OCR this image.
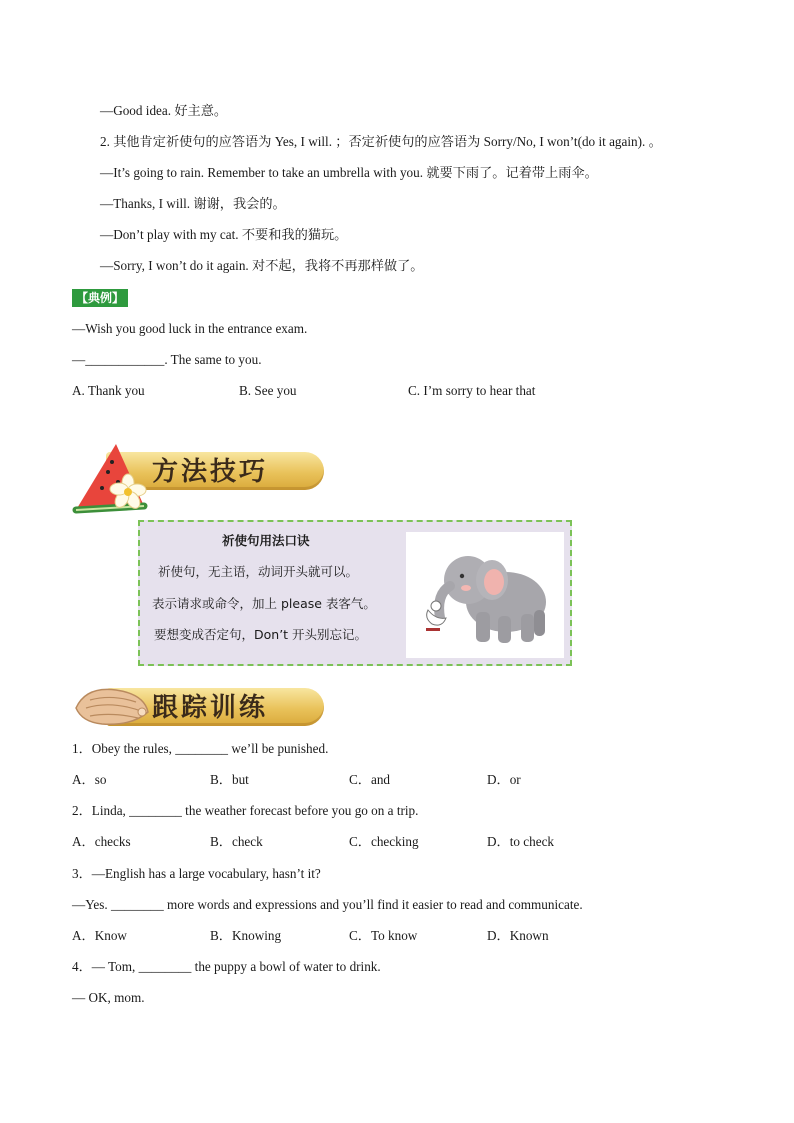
—Good idea. 好主意。
2. 其他肯定祈使句的应答语为 Yes, I will. ；否定祈使句的应答语为 Sorry/No, I won’t(do it again). 。
—It’s going to rain. Remember to take an umbrella with you. 就要下雨了。记着带上雨伞。
—Thanks, I will. 谢谢，我会的。
—Don’t play with my cat. 不要和我的猫玩。
—Sorry, I won’t do it again. 对不起，我将不再那样做了。
【典例】
—Wish you good luck in the entrance exam.
—____________. The same to you.
A. Thank you	B. See you	C. I’m sorry to hear that
方法技巧
祈使句用法口诀
祈使句，无主语，动词开头就可以。
表示请求或命令，加上 please 表客气。
要想变成否定句，Don’t 开头别忘记。
跟踪训练
1．Obey the rules, ________ we’ll be punished.
A．so	B．but	C．and	D．or
2．Linda, ________ the weather forecast before you go on a trip.
A．checks	B．check	C．checking	D．to check
3．—English has a large vocabulary, hasn’t it?
—Yes. ________ more words and expressions and you’ll find it easier to read and communicate.
A．Know	B．Knowing	C．To know	D．Known
4．— Tom, ________ the puppy a bowl of water to drink.
— OK, mom.
